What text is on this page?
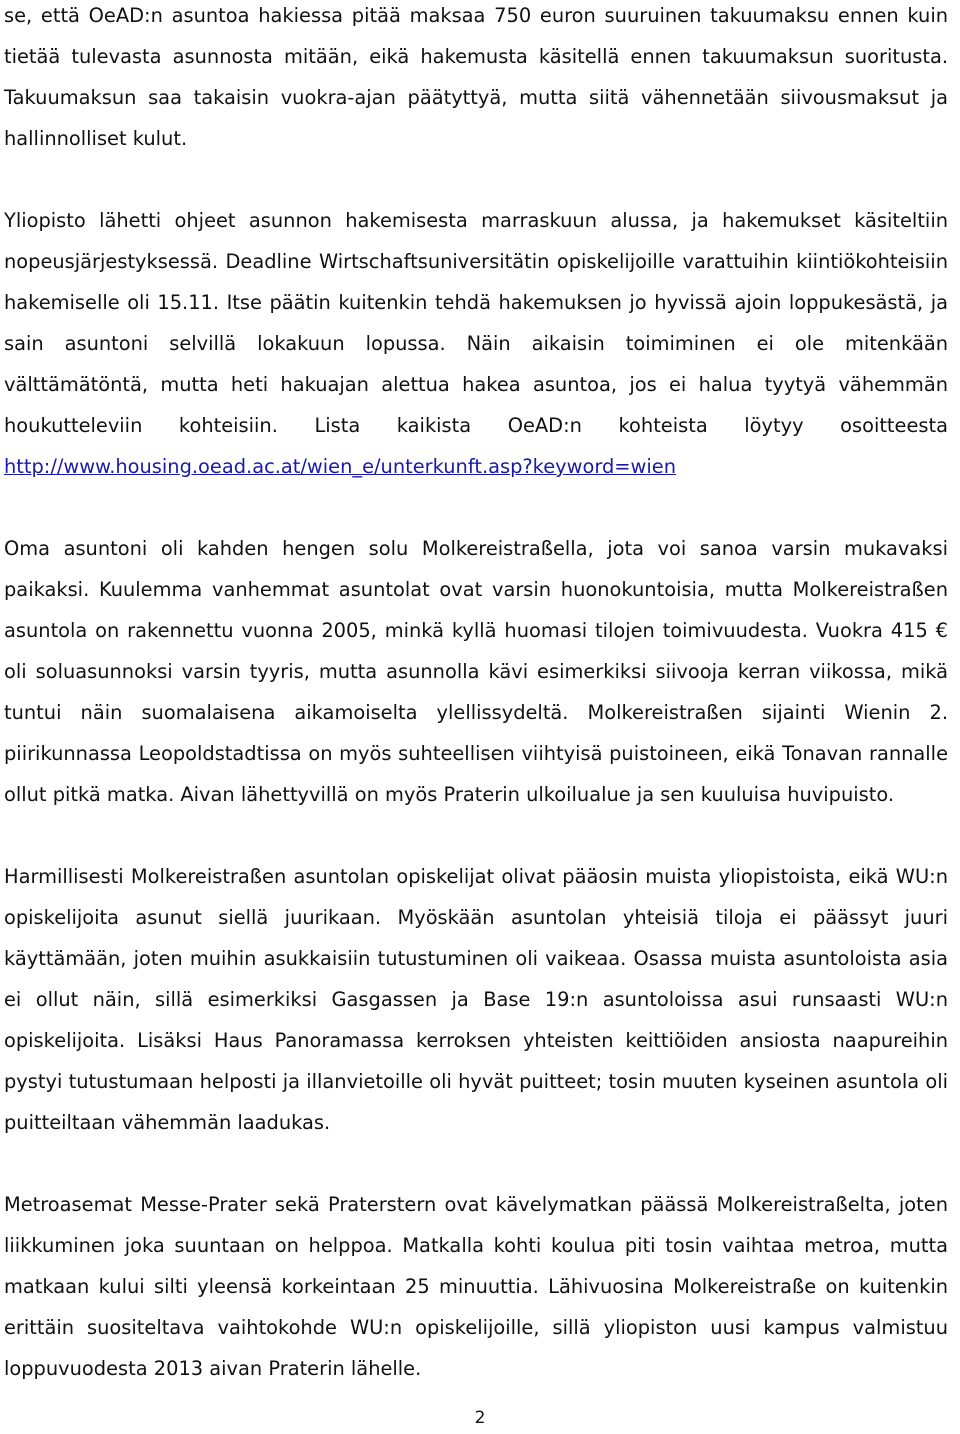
se, että OeAD:n asuntoa hakiessa pitää maksaa 750 euron suuruinen takuumaksu ennen kuin tietää tulevasta asunnosta mitään, eikä hakemusta käsitellä ennen takuumaksun suoritusta. Takuumaksun saa takaisin vuokra-ajan päätyttyä, mutta siitä vähennetään siivousmaksut ja hallinnolliset kulut.

Yliopisto lähetti ohjeet asunnon hakemisesta marraskuun alussa, ja hakemukset käsiteltiin nopeusjärjestyksessä. Deadline Wirtschaftsuniversitätin opiskelijoille varattuihin kiintiökohteisiin hakemiselle oli 15.11. Itse päätin kuitenkin tehdä hakemuksen jo hyvissä ajoin loppukesästä, ja sain asuntoni selvillä lokakuun lopussa. Näin aikaisin toimiminen ei ole mitenkään välttämätöntä, mutta heti hakuajan alettua hakea asuntoa, jos ei halua tyytyä vähemmän houkutteleviin kohteisiin. Lista kaikista OeAD:n kohteista löytyy osoitteesta http://www.housing.oead.ac.at/wien_e/unterkunft.asp?keyword=wien

Oma asuntoni oli kahden hengen solu Molkereistraßella, jota voi sanoa varsin mukavaksi paikaksi. Kuulemma vanhemmat asuntolat ovat varsin huonokuntoisia, mutta Molkereistraßen asuntola on rakennettu vuonna 2005, minkä kyllä huomasi tilojen toimivuudesta. Vuokra 415 € oli soluasunnoksi varsin tyyris, mutta asunnolla kävi esimerkiksi siivooja kerran viikossa, mikä tuntui näin suomalaisena aikamoiselta ylellissydeltä. Molkereistraßen sijainti Wienin 2. piirikunnassa Leopoldstadtissa on myös suhteellisen viihtyisä puistoineen, eikä Tonavan rannalle ollut pitkä matka. Aivan lähettyvillä on myös Praterin ulkoilualue ja sen kuuluisa huvipuisto.

Harmillisesti Molkereistraßen asuntolan opiskelijat olivat pääosin muista yliopistoista, eikä WU:n opiskelijoita asunut siellä juurikaan. Myöskään asuntolan yhteisiä tiloja ei päässyt juuri käyttämään, joten muihin asukkaisiin tutustuminen oli vaikeaa. Osassa muista asuntoloista asia ei ollut näin, sillä esimerkiksi Gasgassen ja Base 19:n asuntoloissa asui runsaasti WU:n opiskelijoita. Lisäksi Haus Panoramassa kerroksen yhteisten keittiöiden ansiosta naapureihin pystyi tutustumaan helposti ja illanvietoille oli hyvät puitteet; tosin muuten kyseinen asuntola oli puitteiltaan vähemmän laadukas.

Metroasemat Messe-Prater sekä Praterstern ovat kävelymatkan päässä Molkereistraßelta, joten liikkuminen joka suuntaan on helppoa. Matkalla kohti koulua piti tosin vaihtaa metroa, mutta matkaan kului silti yleensä korkeintaan 25 minuuttia. Lähivuosina Molkereistraße on kuitenkin erittäin suositeltava vaihtokohde WU:n opiskelijoille, sillä yliopiston uusi kampus valmistuu loppuvuodesta 2013 aivan Praterin lähelle.

2
